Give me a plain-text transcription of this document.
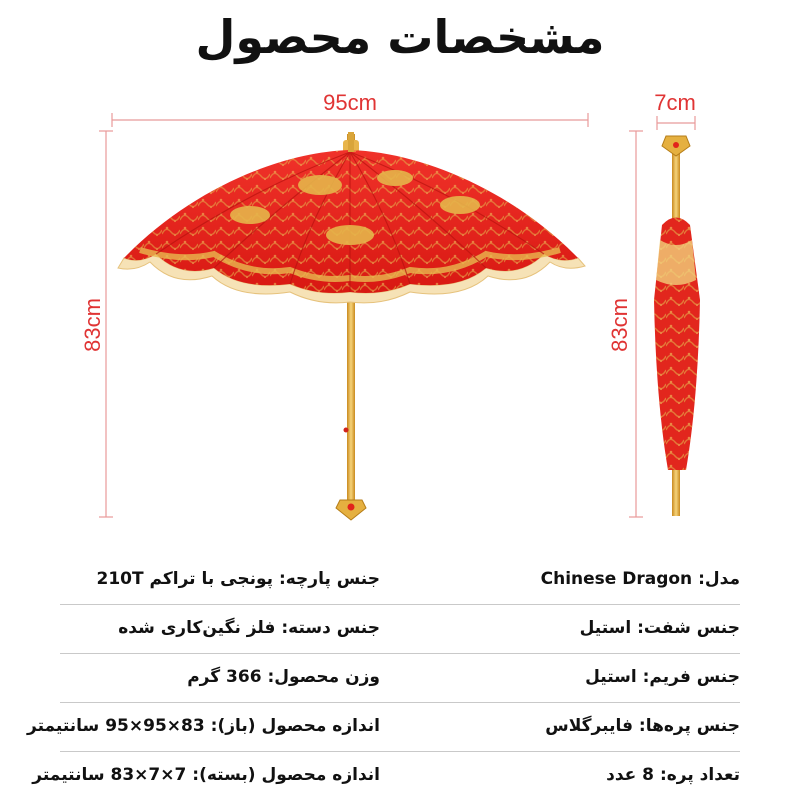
مشخصات محصول
95cm	7cm
83cm	83cm
مدل: Chinese Dragon
جنس پارچه: پونجی با تراکم 210T
جنس شفت: استیل
جنس دسته: فلز نگین‌کاری شده
جنس فریم: استیل
وزن محصول: 366 گرم
جنس پره‌ها: فایبرگلاس
اندازه محصول (باز): 83×95×95 سانتیمتر
تعداد پره: 8 عدد
اندازه محصول (بسته): 7×7×83 سانتیمتر
